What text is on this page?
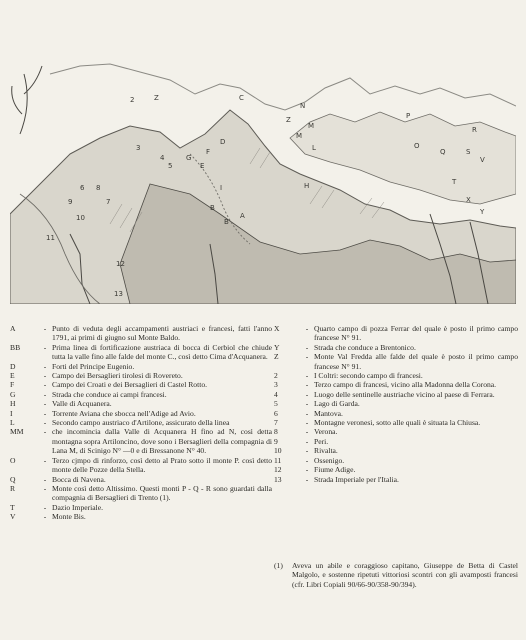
C
N
Z
M
M
L
P
R
O
Q	S
V
T
X
Y
D
F
E
G
H
I
A
B
B
Z
2
3
4
5
6
7
8
9
10
11
12
13
A	- Punto di veduta degli accampamenti austriaci e francesi, fatti l'anno 1791, ai primi di giugno sul Monte Baldo.
BB	- Prima linea di fortificazione austriaca di bocca di Cerbiol che chiude tutta la valle fino alle falde del monte C., così detto Cima d'Acquanera.
D	- Forti del Principe Eugenio.
E	- Campo dei Bersaglieri tirolesi di Rovereto.
F	- Campo dei Croati e dei Bersaglieri di Castel Rotto.
G	- Strada che conduce ai campi francesi.
H	- Valle di Acquanera.
I	- Torrente Aviana che sbocca nell'Adige ad Avio.
L	- Secondo campo austriaco d'Artilone, assicurato della linea
MM	- che incomincia dalla Valle di Acquanera H fino ad N, così detta montagna sopra Artiloncino, dove sono i Bersaglieri della compagnia di Lana M, di Scinigo N° —0 e di Bressanone N° 40.
O	- Terzo cjmpo di rinforzo, così detto al Prato sotto il monte P. così detto monte delle Pozze della Stella.
Q	- Bocca di Navena.
R	- Monte così detto Altissimo. Questi monti P - Q - R sono guardati dalla compagnia di Bersaglieri di Trento (1).
T	- Dazio Imperiale.
V	- Monte Bis.
X	- Quarto campo di pozza Ferrar del quale è posto il primo campo francese N° 91.
Y	- Strada che conduce a Brentonico.
Z	- Monte Val Fredda alle falde del quale è posto il primo campo francese N° 91.
2	- I Coltri: secondo campo di francesi.
3	- Terzo campo di francesi, vicino alla Madonna della Corona.
4	- Luogo delle sentinelle austriache vicino al paese di Ferrara.
5	- Lago di Garda.
6	- Mantova.
7	- Montagne veronesi, sotto alle quali è situata la Chiusa.
8	- Verona.
9	- Peri.
10	- Rivalta.
11	- Ossenigo.
12	- Fiume Adige.
13	- Strada Imperiale per l'Italia.
(1)	Aveva un abile e coraggioso capitano, Giuseppe de Betta di Castel Malgolo, e sostenne ripetuti vittoriosi scontri con gli avamposti francesi (cfr. Libri Copiali 90/66-90/358-90/394).
